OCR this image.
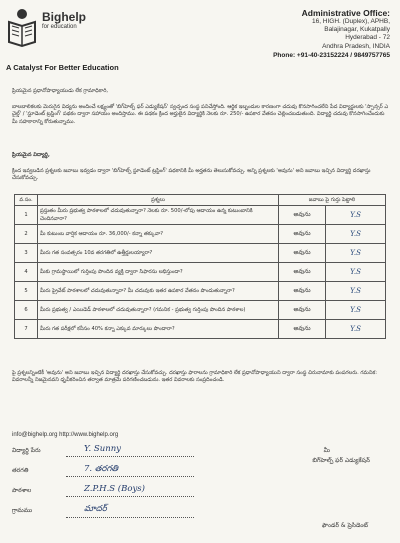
Bighelp
for education
A Catalyst For Better Education
Administrative Office:
16, HIGH. (Duplex), APHB,
Balajinagar, Kukatpally
Hyderabad - 72
Andhra Pradesh, INDIA
Phone: +91-40-23152224 / 9849757765
ప్రియమైన ప్రధానోపాధ్యాయుడు లేక గ్రామాధికారి,
బాలబాలికలకు మెరుగైన విద్యను అందించే లక్ష్యంతో 'బిగ్‌హెల్ప్ ఫర్ ఎడ్యుకేషన్' స్వచ్ఛంద సంస్థ పనిచేస్తోంది. ఆర్థిక ఇబ్బందుల కారణంగా చదువు కొనసాగించలేని పేద విద్యార్థులకు 'స్పాన్సర్ ఎ చైల్డ్' / 'స్టూడెంట్ ట్రస్టింగ్' పథకం ద్వారా సహాయం అందిస్తాము. ఈ పథకం క్రింద అర్హులైన విద్యార్థికి నెలకు రూ. 250/- ఉపకార వేతనం చెల్లించబడుతుంది. విద్యార్థి చదువు కొనసాగించేందుకు మీ సహకారాన్ని కోరుతున్నాము.
ప్రియమైన విద్యార్థి,
క్రింద ఇవ్వబడిన ప్రశ్నలకు జవాబు ఇవ్వడం ద్వారా 'బిగ్‌హెల్ప్ స్టూడెంట్ ట్రస్టింగ్' పథకానికి మీ అర్హతను తెలుసుకోవచ్చు. అన్ని ప్రశ్నలకు 'అవును' అని జవాబు ఇచ్చిన విద్యార్థి దరఖాస్తు చేసుకోవచ్చు.
వ.సం.	ప్రశ్నలు	జవాబు పై గుర్తు పెట్టాలి	
1	ప్రస్తుతం మీరు ప్రభుత్వ పాఠశాలలో చదువుతున్నారా? నెలకు రూ. 500/-లోపు ఆదాయం ఉన్న కుటుంబానికి చెందినవారా?	అవును	Y.S
2	మీ కుటుంబ వార్షిక ఆదాయం రూ. 36,000/- కన్నా తక్కువా?	అవును	Y.S
3	మీరు గత సంవత్సరం 10వ తరగతిలో ఉత్తీర్ణులయ్యారా?	అవును	Y.S
4	మీకు గ్రామస్థాయిలో గుర్తింపు పొందిన వ్యక్తి ద్వారా సిఫారసు లభిస్తుందా?	అవును	Y.S
5	మీరు ప్రైవేట్ పాఠశాలలో చదువుతున్నారా? మీ చదువుకు ఇతర ఉపకార వేతనం పొందుతున్నారా?	అవును	Y.S
6	మీరు ప్రభుత్వ / ఎయిడెడ్ పాఠశాలలో చదువుతున్నారా? (గమనిక - ప్రభుత్వ గుర్తింపు పొందిన పాఠశాల)	అవును	Y.S
7	మీరు గత పరీక్షలో కనీసం 40% కన్నా ఎక్కువ మార్కులు పొందారా?	అవును	Y.S
పై ప్రశ్నలన్నింటికీ 'అవును' అని జవాబు ఇచ్చిన విద్యార్థి దరఖాస్తు చేసుకోవచ్చు. దరఖాస్తు ఫారాలను గ్రామాధికారి లేక ప్రధానోపాధ్యాయుని ద్వారా సంస్థ చిరునామాకు పంపగలరు. గమనిక: వివరాలన్నీ నిజమైనవని ధృవీకరించిన తర్వాత మాత్రమే పరిగణించబడును. ఇతర వివరాలకు సంప్రదించండి.
info@bighelp.org http://www.bighelp.org
విద్యార్థి పేరు	Y. Sunny
తరగతి	7. తరగతి
పాఠశాల	Z.P.H.S (Boys)
గ్రామము	మాదర్
మీ
బిగ్‌హెల్ప్ ఫర్ ఎడ్యుకేషన్
ఫౌండర్ & ప్రెసిడెంట్
